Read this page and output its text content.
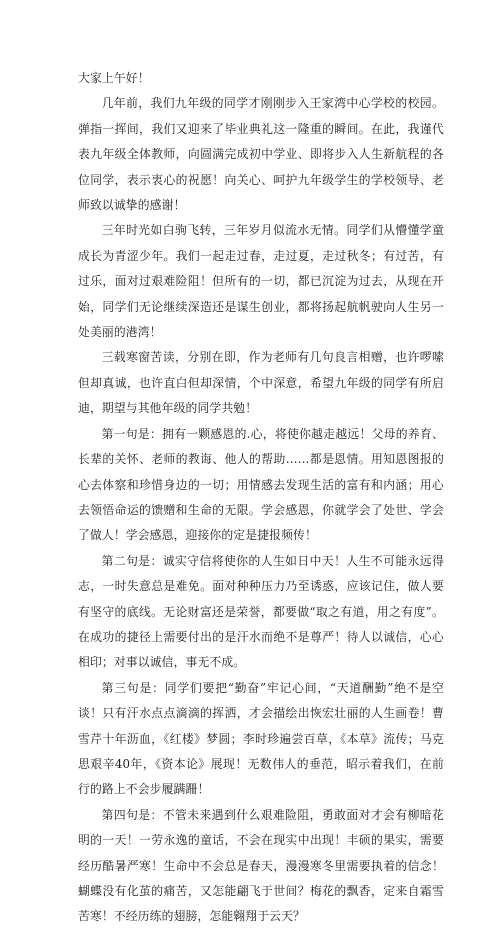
大家上午好！

几年前，我们九年级的同学才刚刚步入王家湾中心学校的校园。弹指一挥间，我们又迎来了毕业典礼这一隆重的瞬间。在此，我谨代表九年级全体教师，向圆满完成初中学业、即将步入人生新航程的各位同学，表示衷心的祝愿！向关心、呵护九年级学生的学校领导、老师致以诚挚的感谢！

三年时光如白驹飞转，三年岁月似流水无情。同学们从懵懂学童成长为青涩少年。我们一起走过春，走过夏，走过秋冬；有过苦，有过乐，面对过艰难险阻！但所有的一切，都已沉淀为过去，从现在开始，同学们无论继续深造还是谋生创业，都将扬起航帆驶向人生另一处美丽的港湾！

三载寒窗苦读，分别在即，作为老师有几句良言相赠，也许啰嗦但却真诚，也许直白但却深情，个中深意，希望九年级的同学有所启迪，期望与其他年级的同学共勉！

第一句是：拥有一颗感恩的.心，将使你越走越远！父母的养育、长辈的关怀、老师的教诲、他人的帮助……都是恩情。用知恩图报的心去体察和珍惜身边的一切；用情感去发现生活的富有和内涵；用心去领悟命运的馈赠和生命的无限。学会感恩，你就学会了处世、学会了做人！学会感恩，迎接你的定是捷报频传！

第二句是：诚实守信将使你的人生如日中天！人生不可能永远得志，一时失意总是难免。面对种种压力乃至诱惑，应该记住，做人要有坚守的底线。无论财富还是荣誉，都要做“取之有道，用之有度”。在成功的捷径上需要付出的是汗水而绝不是尊严！待人以诚信，心心相印；对事以诚信，事无不成。

第三句是：同学们要把“勤奋”牢记心间，“天道酬勤”绝不是空谈！只有汗水点点滴滴的挥洒，才会描绘出恢宏壮丽的人生画卷！曹雪芹十年沥血，《红楼》梦圆；李时珍遍尝百草，《本草》流传；马克思艰辛40年，《资本论》展现！无数伟人的垂范，昭示着我们，在前行的路上不会步履蹒跚！

第四句是：不管未来遇到什么艰难险阻，勇敢面对才会有柳暗花明的一天！一劳永逸的童话，不会在现实中出现！丰硕的果实，需要经历酷暑严寒！生命中不会总是春天，漫漫寒冬里需要执着的信念！蝴蝶没有化茧的痛苦，又怎能翩飞于世间？梅花的飘香，定来自霜雪苦寒！不经历练的翅膀，怎能翱翔于云天？
